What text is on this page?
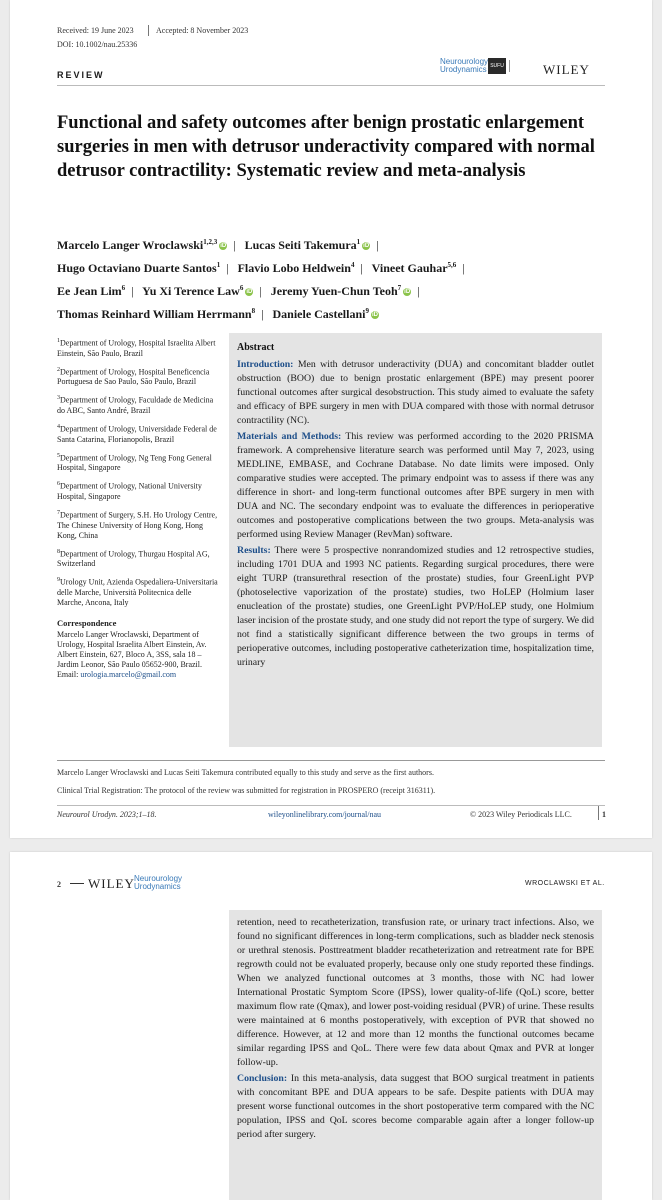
Received: 19 June 2023	Accepted: 8 November 2023
DOI: 10.1002/nau.25336
REVIEW
Neurourology
Urodynamics SUFU	WILEY
Functional and safety outcomes after benign prostatic enlargement surgeries in men with detrusor underactivity compared with normal detrusor contractility: Systematic review and meta-analysis
Marcelo Langer Wroclawski$^{1,2,3}$iD | Lucas Seiti Takemura$^1$iD |
Hugo Octaviano Duarte Santos$^1$ | Flavio Lobo Heldwein$^4$ | Vineet Gauhar$^{5,6}$ |
Ee Jean Lim$^6$ | Yu Xi Terence Law$^6$iD | Jeremy Yuen-Chun Teoh$^7$iD |
Thomas Reinhard William Herrmann$^8$ | Daniele Castellani$^9$iD

$^1$Department of Urology, Hospital Israelita Albert Einstein, São Paulo, Brazil

$^2$Department of Urology, Hospital Beneficencia Portuguesa de Sao Paulo, São Paulo, Brazil

$^3$Department of Urology, Faculdade de Medicina do ABC, Santo André, Brazil

$^4$Department of Urology, Universidade Federal de Santa Catarina, Florianopolis, Brazil

$^5$Department of Urology, Ng Teng Fong General Hospital, Singapore

$^6$Department of Urology, National University Hospital, Singapore

$^7$Department of Surgery, S.H. Ho Urology Centre, The Chinese University of Hong Kong, Hong Kong, China

$^8$Department of Urology, Thurgau Hospital AG, Switzerland

$^9$Urology Unit, Azienda Ospedaliera-Universitaria delle Marche, Università Politecnica delle Marche, Ancona, Italy

Correspondence
Marcelo Langer Wroclawski, Department of Urology, Hospital Israelita Albert Einstein, Av. Albert Einstein, 627, Bloco A, 3SS, sala 18 – Jardim Leonor, São Paulo 05652-900, Brazil.
Email: urologia.marcelo@gmail.com
Abstract

Introduction: Men with detrusor underactivity (DUA) and concomitant bladder outlet obstruction (BOO) due to benign prostatic enlargement (BPE) may present poorer functional outcomes after surgical desobstruction. This study aimed to evaluate the safety and efficacy of BPE surgery in men with DUA compared with those with normal detrusor contractility (NC).

Materials and Methods: This review was performed according to the 2020 PRISMA framework. A comprehensive literature search was performed until May 7, 2023, using MEDLINE, EMBASE, and Cochrane Database. No date limits were imposed. Only comparative studies were accepted. The primary endpoint was to assess if there was any difference in short- and long-term functional outcomes after BPE surgery in men with DUA and NC. The secondary endpoint was to evaluate the differences in perioperative outcomes and postoperative complications between the two groups. Meta-analysis was performed using Review Manager (RevMan) software.

Results: There were 5 prospective nonrandomized studies and 12 retrospective studies, including 1701 DUA and 1993 NC patients. Regarding surgical procedures, there were eight TURP (transurethral resection of the prostate) studies, four GreenLight PVP (photoselective vaporization of the prostate) studies, two HoLEP (Holmium laser enucleation of the prostate) studies, one GreenLight PVP/HoLEP study, one Holmium laser incision of the prostate study, and one study did not report the type of surgery. We did not find a statistically significant difference between the two groups in terms of perioperative outcomes, including postoperative catheterization time, hospitalization time, urinary

Marcelo Langer Wroclawski and Lucas Seiti Takemura contributed equally to this study and serve as the first authors.
Clinical Trial Registration: The protocol of the review was submitted for registration in PROSPERO (receipt 316311).
Neurourol Urodyn. 2023;1–18.	wileyonlinelibrary.com/journal/nau	© 2023 Wiley Periodicals LLC.	1
2 WILEY Neurourology
Urodynamics	WROCLAWSKI ET AL.

retention, need to recatheterization, transfusion rate, or urinary tract infections. Also, we found no significant differences in long-term complications, such as bladder neck stenosis or urethral stenosis. Posttreatment bladder recatheterization and retreatment rate for BPE regrowth could not be evaluated properly, because only one study reported these findings. When we analyzed functional outcomes at 3 months, those with NC had lower International Prostatic Symptom Score (IPSS), lower quality-of-life (QoL) score, better maximum flow rate (Qmax), and lower post-voiding residual (PVR) of urine. These results were maintained at 6 months postoperatively, with exception of PVR that showed no difference. However, at 12 and more than 12 months the functional outcomes became similar regarding IPSS and QoL. There were few data about Qmax and PVR at longer follow-up.

Conclusion: In this meta-analysis, data suggest that BOO surgical treatment in patients with concomitant BPE and DUA appears to be safe. Despite patients with DUA may present worse functional outcomes in the short postoperative term compared with the NC population, IPSS and QoL scores become comparable again after a longer follow-up period after surgery.
